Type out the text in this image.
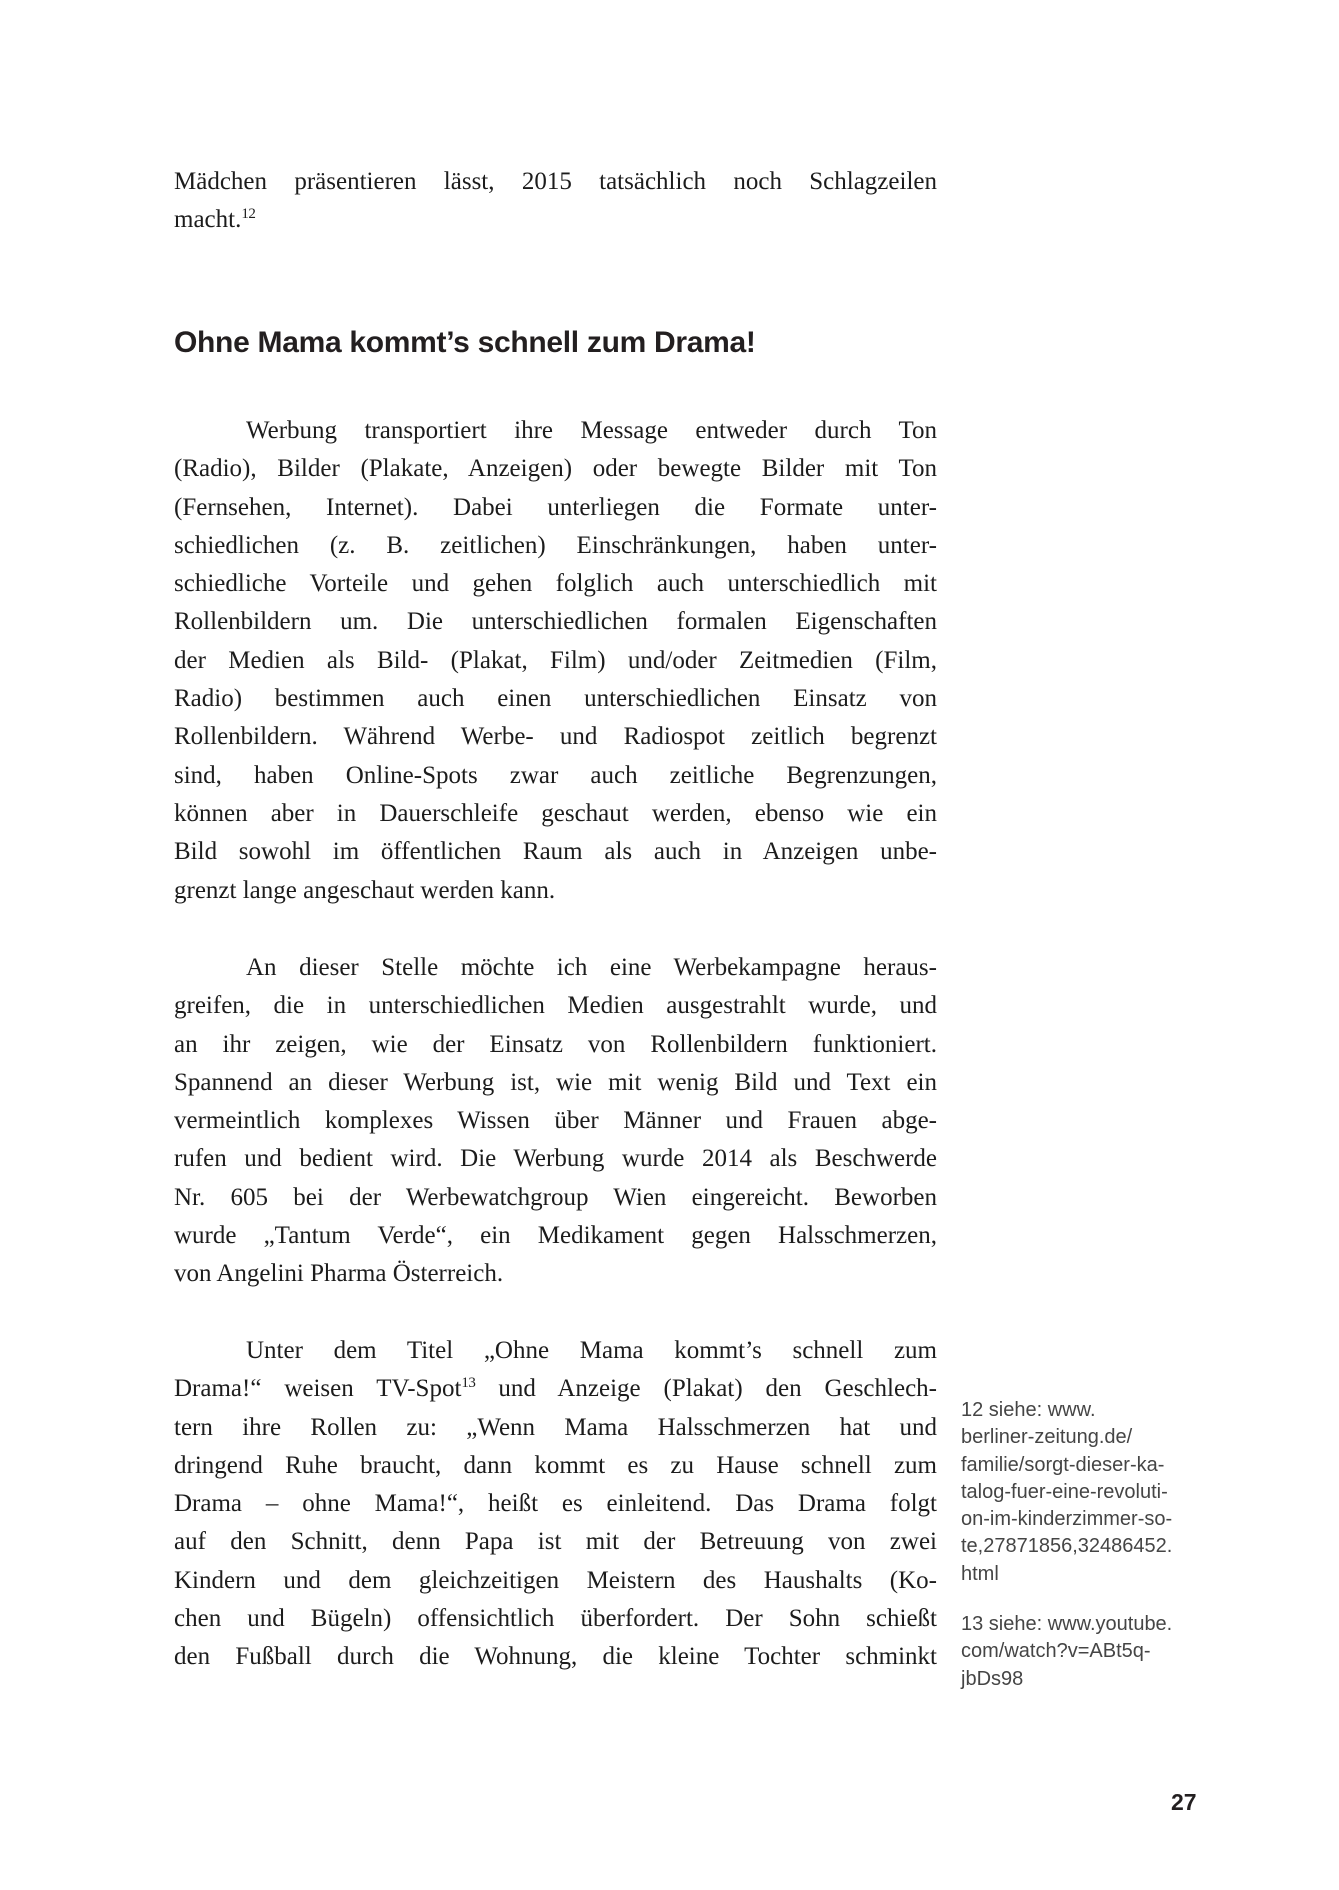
Mädchen präsentieren lässt, 2015 tatsächlich noch Schlagzeilen
macht.$^{12}$
Ohne Mama kommt’s schnell zum Drama!
Werbung transportiert ihre Message entweder durch Ton
(Radio), Bilder (Plakate, Anzeigen) oder bewegte Bilder mit Ton
(Fernsehen, Internet). Dabei unterliegen die Formate unter-
schiedlichen (z. B. zeitlichen) Einschränkungen, haben unter-
schiedliche Vorteile und gehen folglich auch unterschiedlich mit
Rollenbildern um. Die unterschiedlichen formalen Eigenschaften
der Medien als Bild- (Plakat, Film) und/oder Zeitmedien (Film,
Radio) bestimmen auch einen unterschiedlichen Einsatz von
Rollenbildern. Während Werbe- und Radiospot zeitlich begrenzt
sind, haben Online-Spots zwar auch zeitliche Begrenzungen,
können aber in Dauerschleife geschaut werden, ebenso wie ein
Bild sowohl im öffentlichen Raum als auch in Anzeigen unbe-
grenzt lange angeschaut werden kann.
An dieser Stelle möchte ich eine Werbekampagne heraus-
greifen, die in unterschiedlichen Medien ausgestrahlt wurde, und
an ihr zeigen, wie der Einsatz von Rollenbildern funktioniert.
Spannend an dieser Werbung ist, wie mit wenig Bild und Text ein
vermeintlich komplexes Wissen über Männer und Frauen abge-
rufen und bedient wird. Die Werbung wurde 2014 als Beschwerde
Nr. 605 bei der Werbewatchgroup Wien eingereicht. Beworben
wurde „Tantum Verde“, ein Medikament gegen Halsschmerzen,
von Angelini Pharma Österreich.
Unter dem Titel „Ohne Mama kommt’s schnell zum
Drama!“ weisen TV-Spot$^{13}$ und Anzeige (Plakat) den Geschlech-
tern ihre Rollen zu: „Wenn Mama Halsschmerzen hat und
dringend Ruhe braucht, dann kommt es zu Hause schnell zum
Drama – ohne Mama!“, heißt es einleitend. Das Drama folgt
auf den Schnitt, denn Papa ist mit der Betreuung von zwei
Kindern und dem gleichzeitigen Meistern des Haushalts (Ko-
chen und Bügeln) offensichtlich überfordert. Der Sohn schießt
den Fußball durch die Wohnung, die kleine Tochter schminkt
12 siehe: www.
berliner-zeitung.de/
familie/sorgt-dieser-ka-
talog-fuer-eine-revoluti-
on-im-kinderzimmer-so-
te,27871856,32486452.
html
13 siehe: www.youtube.
com/watch?v=ABt5q-
jbDs98
27
